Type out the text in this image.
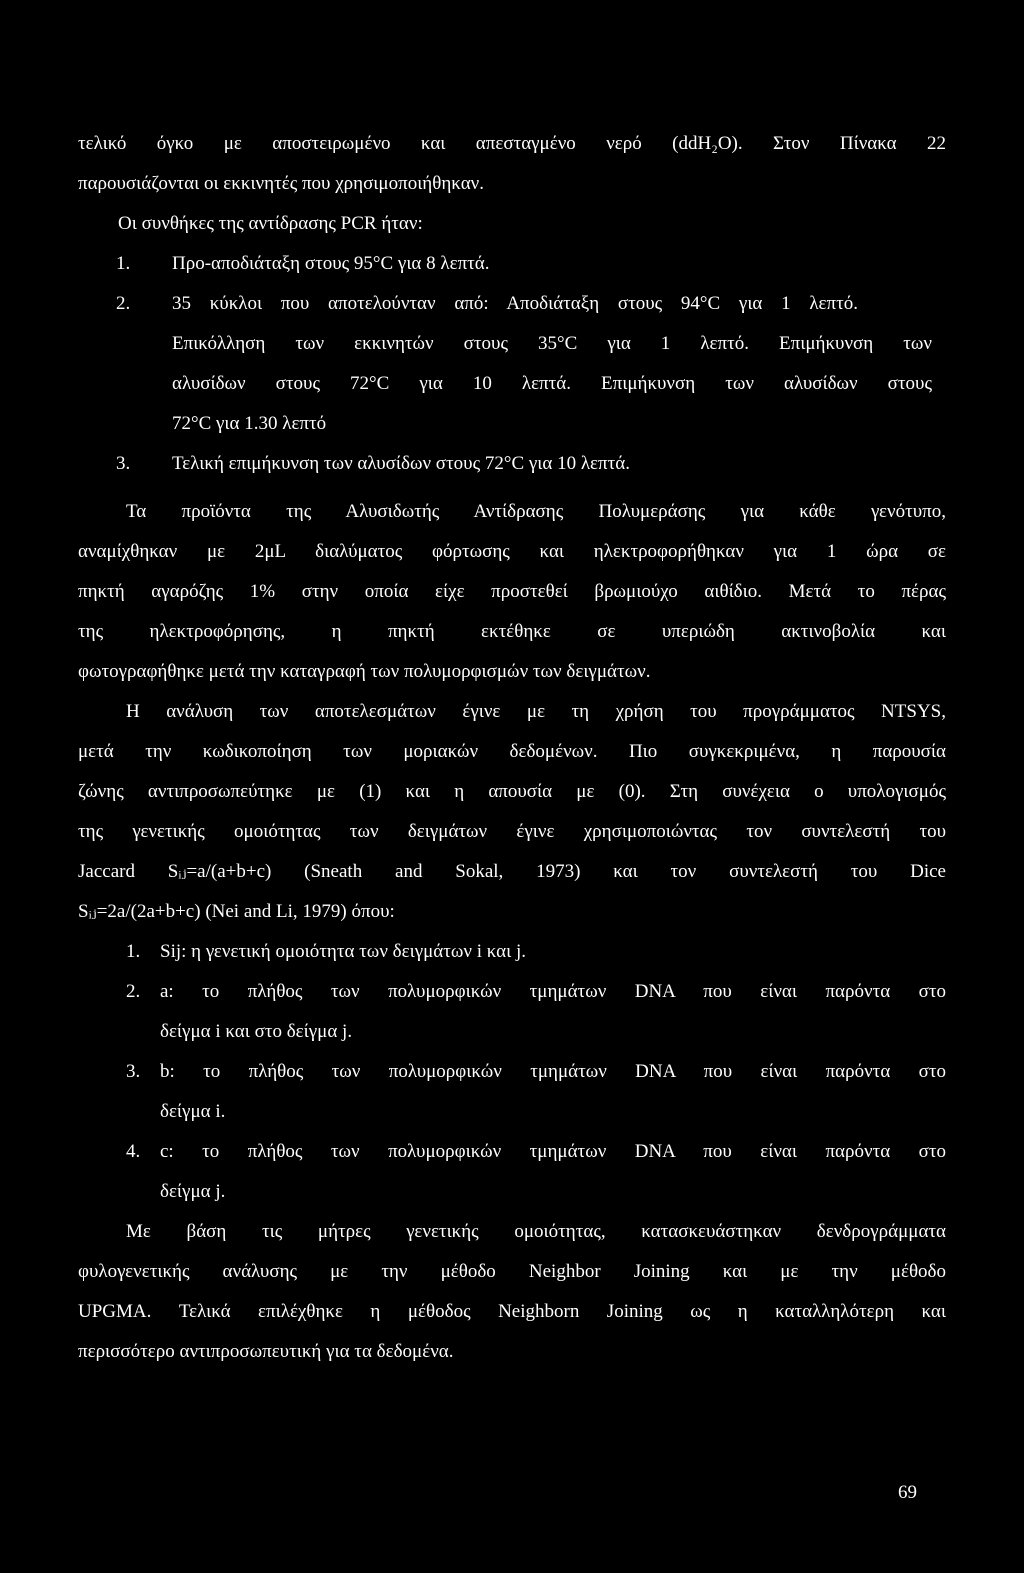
τελικό όγκο με αποστειρωμένο και απεσταγμένο νερό (ddH₂O). Στον Πίνακα 22
παρουσιάζονται οι εκκινητές που χρησιμοποιήθηκαν.
Οι συνθήκες της αντίδρασης PCR ήταν:
1.	Προ-αποδιάταξη στους 95°C για 8 λεπτά.
2.	35 κύκλοι που αποτελούνταν από: Αποδιάταξη στους 94°C για 1 λεπτό.
Επικόλληση των εκκινητών στους 35°C για 1 λεπτό. Επιμήκυνση των
αλυσίδων στους 72°C για 10 λεπτά. Επιμήκυνση των αλυσίδων στους
72°C για 1.30 λεπτό
3.	Τελική επιμήκυνση των αλυσίδων στους 72°C για 10 λεπτά.
Τα προϊόντα της Αλυσιδωτής Αντίδρασης Πολυμεράσης για κάθε γενότυπο,
αναμίχθηκαν με 2μL διαλύματος φόρτωσης και ηλεκτροφορήθηκαν για 1 ώρα σε
πηκτή αγαρόζης 1% στην οποία είχε προστεθεί βρωμιούχο αιθίδιο. Μετά το πέρας
της ηλεκτροφόρησης, η πηκτή εκτέθηκε σε υπεριώδη ακτινοβολία και
φωτογραφήθηκε μετά την καταγραφή των πολυμορφισμών των δειγμάτων.
Η ανάλυση των αποτελεσμάτων έγινε με τη χρήση του προγράμματος NTSYS,
μετά την κωδικοποίηση των μοριακών δεδομένων. Πιο συγκεκριμένα, η παρουσία
ζώνης αντιπροσωπεύτηκε με (1) και η απουσία με (0). Στη συνέχεια ο υπολογισμός
της γενετικής ομοιότητας των δειγμάτων έγινε χρησιμοποιώντας τον συντελεστή του
Jaccard Sᵢⱼ=a/(a+b+c) (Sneath and Sokal, 1973) και τον συντελεστή του Dice
Sᵢⱼ=2a/(2a+b+c) (Nei and Li, 1979) όπου:
1.	Sij: η γενετική ομοιότητα των δειγμάτων i και j.
2.	a: το πλήθος των πολυμορφικών τμημάτων DNA που είναι παρόντα στο
δείγμα i και στο δείγμα j.
3.	b: το πλήθος των πολυμορφικών τμημάτων DNA που είναι παρόντα στο
δείγμα i.
4.	c: το πλήθος των πολυμορφικών τμημάτων DNA που είναι παρόντα στο
δείγμα j.
Με βάση τις μήτρες γενετικής ομοιότητας, κατασκευάστηκαν δενδρογράμματα
φυλογενετικής ανάλυσης με την μέθοδο Neighbor Joining και με την μέθοδο
UPGMA. Τελικά επιλέχθηκε η μέθοδος Neighborn Joining ως η καταλληλότερη και
περισσότερο αντιπροσωπευτική για τα δεδομένα.
69
